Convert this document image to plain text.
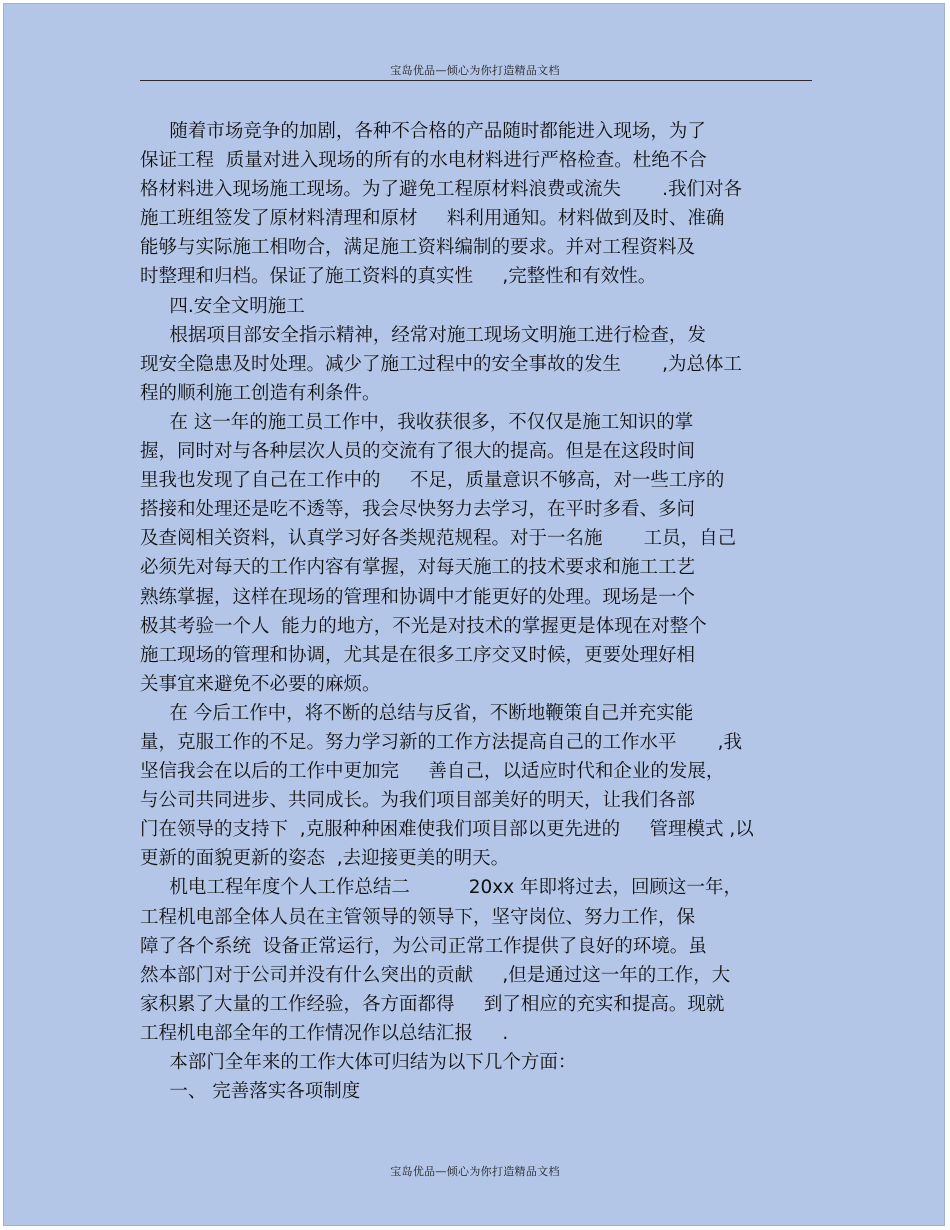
宝岛优品—倾心为你打造精品文档
随着市场竞争的加剧，各种不合格的产品随时都能进入现场，为了
保证工程  质量对进入现场的所有的水电材料进行严格检查。杜绝不合
格材料进入现场施工现场。为了避免工程原材料浪费或流失       .我们对各
施工班组签发了原材料清理和原材     料利用通知。材料做到及时、准确
能够与实际施工相吻合，满足施工资料编制的要求。并对工程资料及
时整理和归档。保证了施工资料的真实性     ,完整性和有效性。
四.安全文明施工
根据项目部安全指示精神，经常对施工现场文明施工进行检查，发
现安全隐患及时处理。减少了施工过程中的安全事故的发生       ,为总体工
程的顺利施工创造有利条件。
在 这一年的施工员工作中，我收获很多，不仅仅是施工知识的掌
握，同时对与各种层次人员的交流有了很大的提高。但是在这段时间
里我也发现了自己在工作中的     不足，质量意识不够高，对一些工序的
搭接和处理还是吃不透等，我会尽快努力去学习，在平时多看、多问
及查阅相关资料，认真学习好各类规范规程。对于一名施       工员，自己
必须先对每天的工作内容有掌握，对每天施工的技术要求和施工工艺
熟练掌握，这样在现场的管理和协调中才能更好的处理。现场是一个
极其考验一个人  能力的地方，不光是对技术的掌握更是体现在对整个
施工现场的管理和协调，尤其是在很多工序交叉时候，更要处理好相
关事宜来避免不必要的麻烦。
在 今后工作中，将不断的总结与反省，不断地鞭策自己并充实能
量，克服工作的不足。努力学习新的工作方法提高自己的工作水平       ,我
坚信我会在以后的工作中更加完     善自己，以适应时代和企业的发展，
与公司共同进步、共同成长。为我们项目部美好的明天，让我们各部
门在领导的支持下  ,克服种种困难使我们项目部以更先进的     管理模式 ,以
更新的面貌更新的姿态  ,去迎接更美的明天。
机电工程年度个人工作总结二          20xx 年即将过去，回顾这一年，
工程机电部全体人员在主管领导的领导下，坚守岗位、努力工作，保
障了各个系统  设备正常运行，为公司正常工作提供了良好的环境。虽
然本部门对于公司并没有什么突出的贡献     ,但是通过这一年的工作，大
家积累了大量的工作经验，各方面都得     到了相应的充实和提高。现就
工程机电部全年的工作情况作以总结汇报     .
本部门全年来的工作大体可归结为以下几个方面：
一、 完善落实各项制度
宝岛优品—倾心为你打造精品文档
